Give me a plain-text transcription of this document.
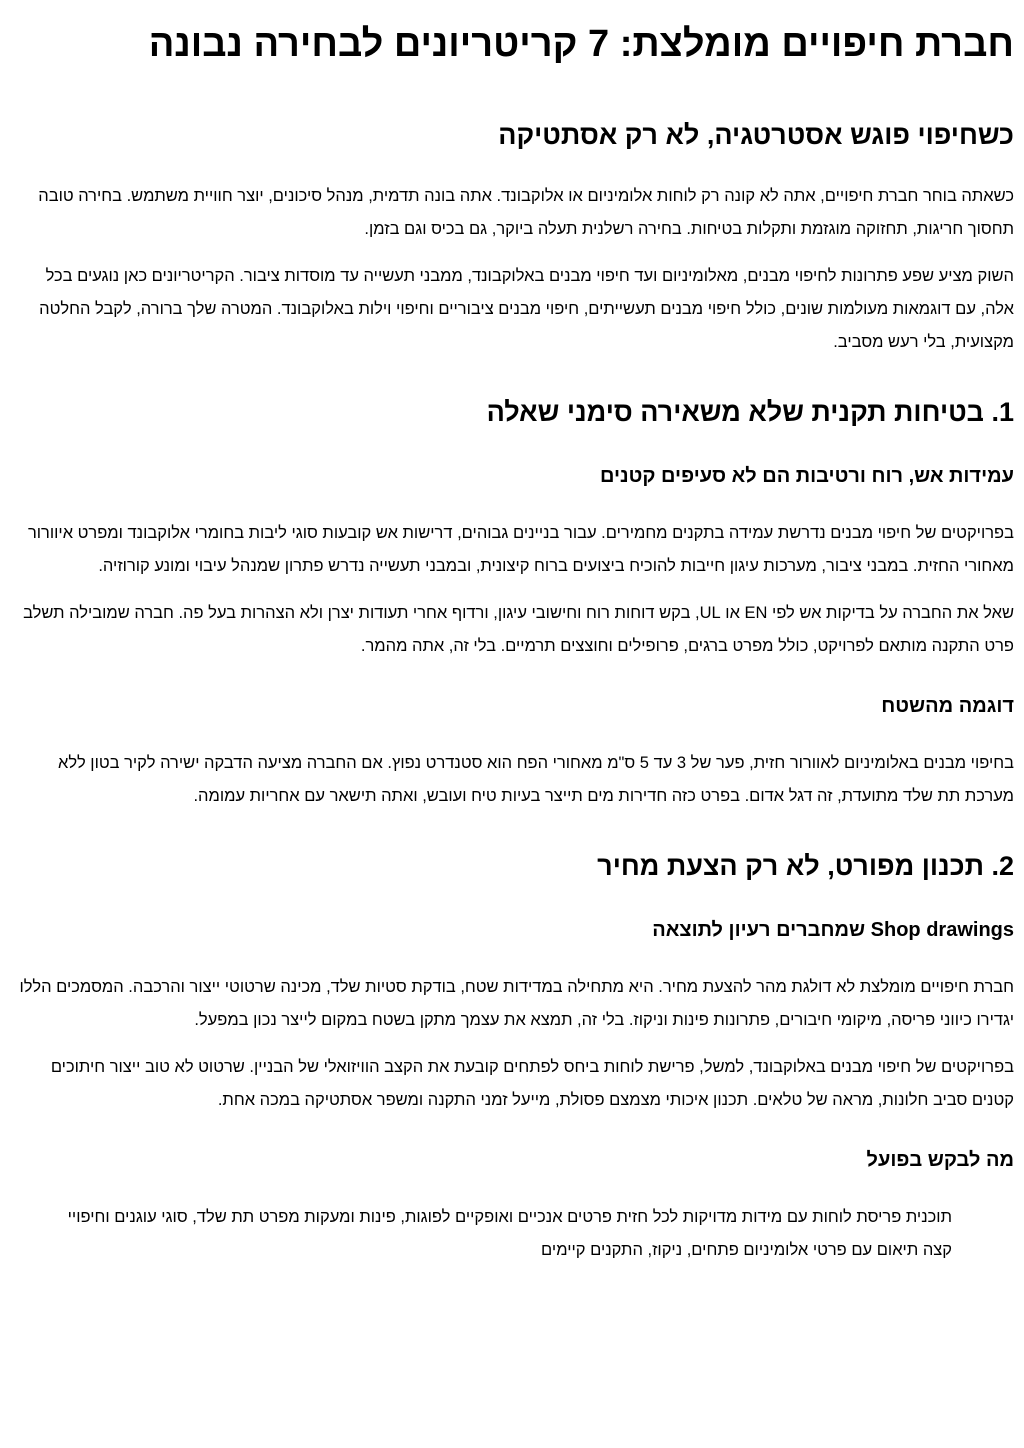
חברת חיפויים מומלצת: 7 קריטריונים לבחירה נבונה
כשחיפוי פוגש אסטרטגיה, לא רק אסתטיקה

כשאתה בוחר חברת חיפויים, אתה לא קונה רק לוחות אלומיניום או אלוקבונד. אתה בונה תדמית, מנהל סיכונים, יוצר חוויית משתמש. בחירה טובה תחסוך חריגות, תחזוקה מוגזמת ותקלות בטיחות. בחירה רשלנית תעלה ביוקר, גם בכיס וגם בזמן.

השוק מציע שפע פתרונות לחיפוי מבנים, מאלומיניום ועד חיפוי מבנים באלוקבונד, ממבני תעשייה עד מוסדות ציבור. הקריטריונים כאן נוגעים בכל אלה, עם דוגמאות מעולמות שונים, כולל חיפוי מבנים תעשייתים, חיפוי מבנים ציבוריים וחיפוי וילות באלוקבונד. המטרה שלך ברורה, לקבל החלטה מקצועית, בלי רעש מסביב.

1. בטיחות תקנית שלא משאירה סימני שאלה
עמידות אש, רוח ורטיבות הם לא סעיפים קטנים

בפרויקטים של חיפוי מבנים נדרשת עמידה בתקנים מחמירים. עבור בניינים גבוהים, דרישות אש קובעות סוגי ליבות בחומרי אלוקבונד ומפרט איוורור מאחורי החזית. במבני ציבור, מערכות עיגון חייבות להוכיח ביצועים ברוח קיצונית, ובמבני תעשייה נדרש פתרון שמנהל עיבוי ומונע קורוזיה.

שאל את החברה על בדיקות אש לפי EN או UL, בקש דוחות רוח וחישובי עיגון, ורדוף אחרי תעודות יצרן ולא הצהרות בעל פה. חברה שמובילה תשלב פרט התקנה מותאם לפרויקט, כולל מפרט ברגים, פרופילים וחוצצים תרמיים. בלי זה, אתה מהמר.

דוגמה מהשטח

בחיפוי מבנים באלומיניום לאוורור חזית, פער של 3 עד 5 ס"מ מאחורי הפח הוא סטנדרט נפוץ. אם החברה מציעה הדבקה ישירה לקיר בטון ללא מערכת תת שלד מתועדת, זה דגל אדום. בפרט כזה חדירות מים תייצר בעיות טיח ועובש, ואתה תישאר עם אחריות עמומה.

2. תכנון מפורט, לא רק הצעת מחיר
Shop drawings שמחברים רעיון לתוצאה

חברת חיפויים מומלצת לא דולגת מהר להצעת מחיר. היא מתחילה במדידות שטח, בודקת סטיות שלד, מכינה שרטוטי ייצור והרכבה. המסמכים הללו יגדירו כיווני פריסה, מיקומי חיבורים, פתרונות פינות וניקוז. בלי זה, תמצא את עצמך מתקן בשטח במקום לייצר נכון במפעל.

בפרויקטים של חיפוי מבנים באלוקבונד, למשל, פרישת לוחות ביחס לפתחים קובעת את הקצב הוויזואלי של הבניין. שרטוט לא טוב ייצור חיתוכים קטנים סביב חלונות, מראה של טלאים. תכנון איכותי מצמצם פסולת, מייעל זמני התקנה ומשפר אסתטיקה במכה אחת.

מה לבקש בפועל
תוכנית פריסת לוחות עם מידות מדויקות לכל חזית פרטים אנכיים ואופקיים לפוגות, פינות ומעקות מפרט תת שלד, סוגי עוגנים וחיפויי קצה תיאום עם פרטי אלומיניום פתחים, ניקוז, התקנים קיימים
